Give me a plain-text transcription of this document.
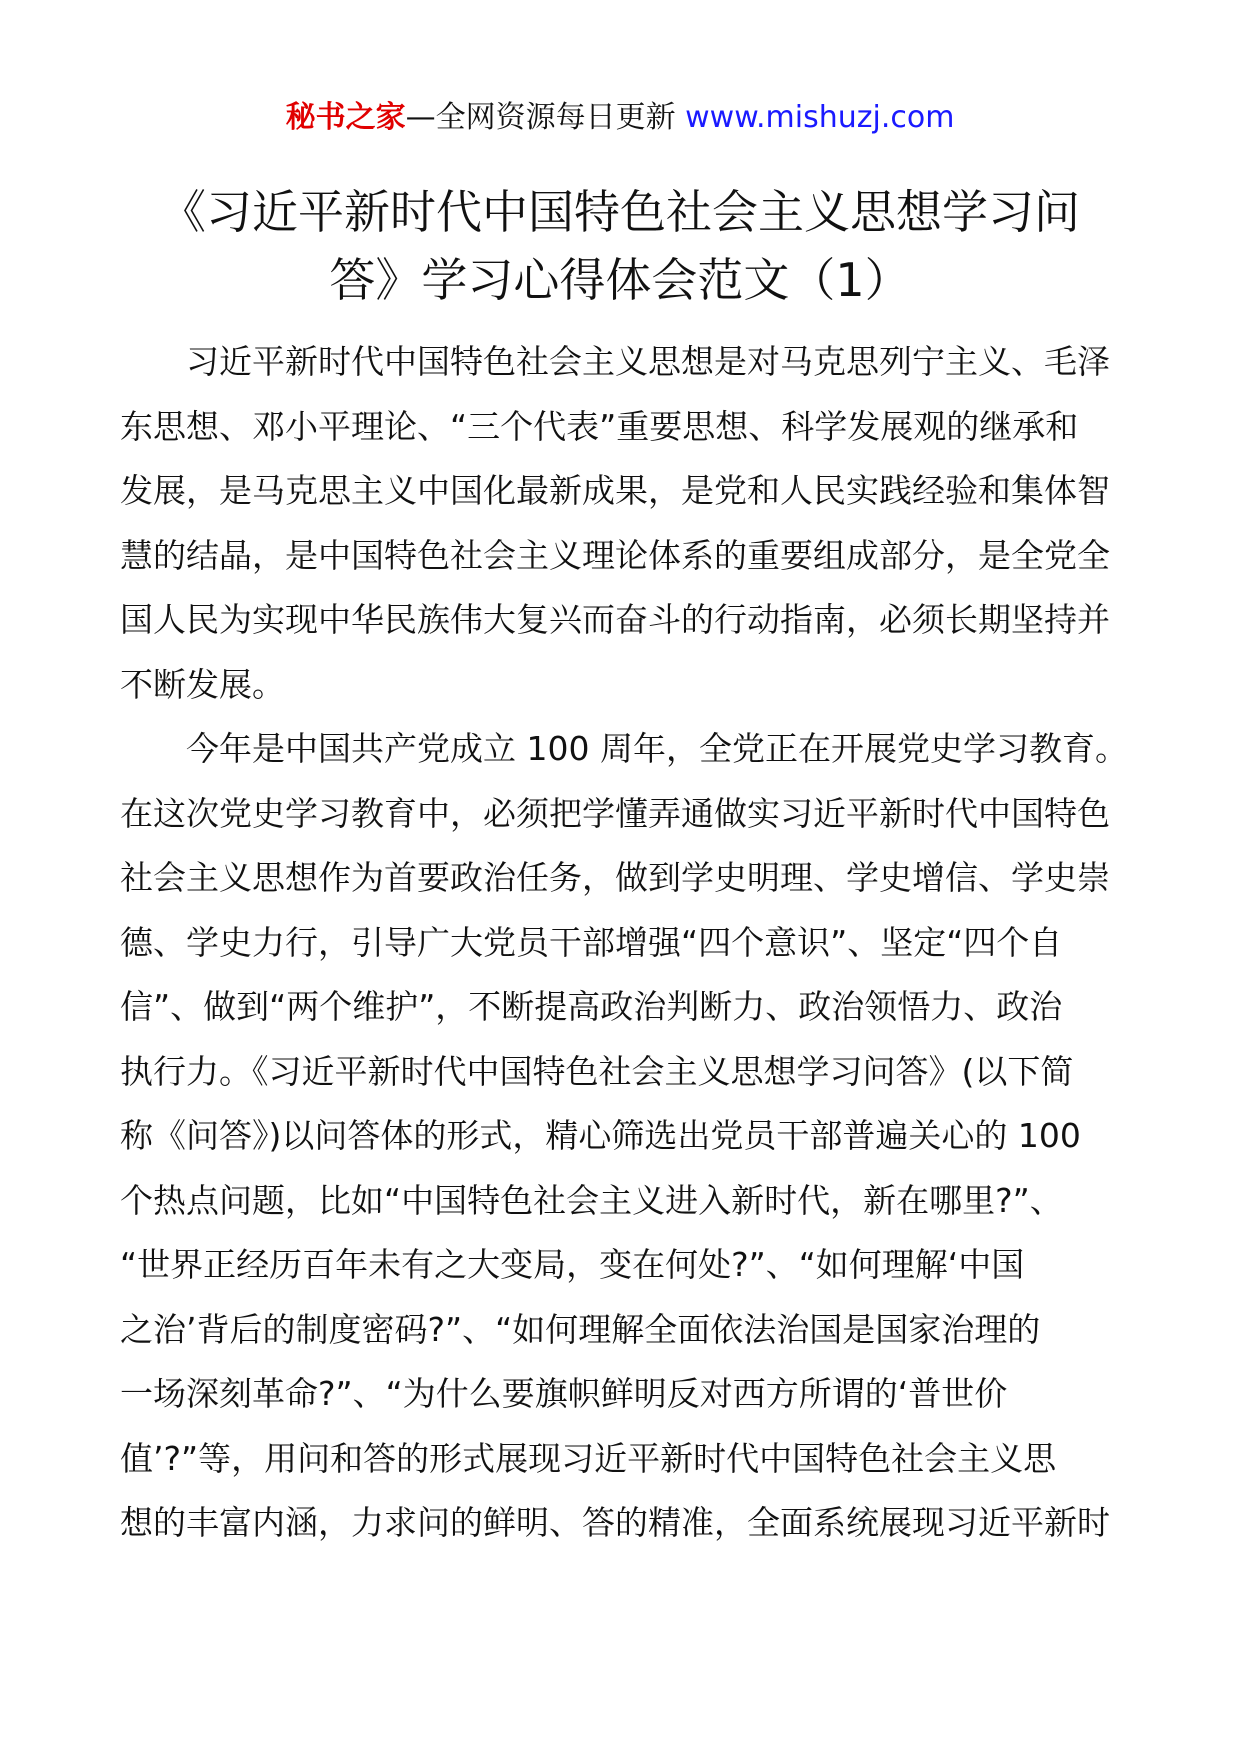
秘书之家—全网资源每日更新 www.mishuzj.com
《习近平新时代中国特色社会主义思想学习问
答》学习心得体会范文（1）
习近平新时代中国特色社会主义思想是对马克思列宁主义、毛泽
东思想、邓小平理论、“三个代表”重要思想、科学发展观的继承和
发展，是马克思主义中国化最新成果，是党和人民实践经验和集体智
慧的结晶，是中国特色社会主义理论体系的重要组成部分，是全党全
国人民为实现中华民族伟大复兴而奋斗的行动指南，必须长期坚持并
不断发展。
今年是中国共产党成立 100 周年，全党正在开展党史学习教育。
在这次党史学习教育中，必须把学懂弄通做实习近平新时代中国特色
社会主义思想作为首要政治任务，做到学史明理、学史增信、学史崇
德、学史力行，引导广大党员干部增强“四个意识”、坚定“四个自
信”、做到“两个维护”，不断提高政治判断力、政治领悟力、政治
执行力。《习近平新时代中国特色社会主义思想学习问答》(以下简
称《问答》)以问答体的形式，精心筛选出党员干部普遍关心的 100
个热点问题，比如“中国特色社会主义进入新时代，新在哪里?”、
“世界正经历百年未有之大变局，变在何处?”、“如何理解‘中国
之治’背后的制度密码?”、“如何理解全面依法治国是国家治理的
一场深刻革命?”、“为什么要旗帜鲜明反对西方所谓的‘普世价
值’?”等，用问和答的形式展现习近平新时代中国特色社会主义思
想的丰富内涵，力求问的鲜明、答的精准，全面系统展现习近平新时
